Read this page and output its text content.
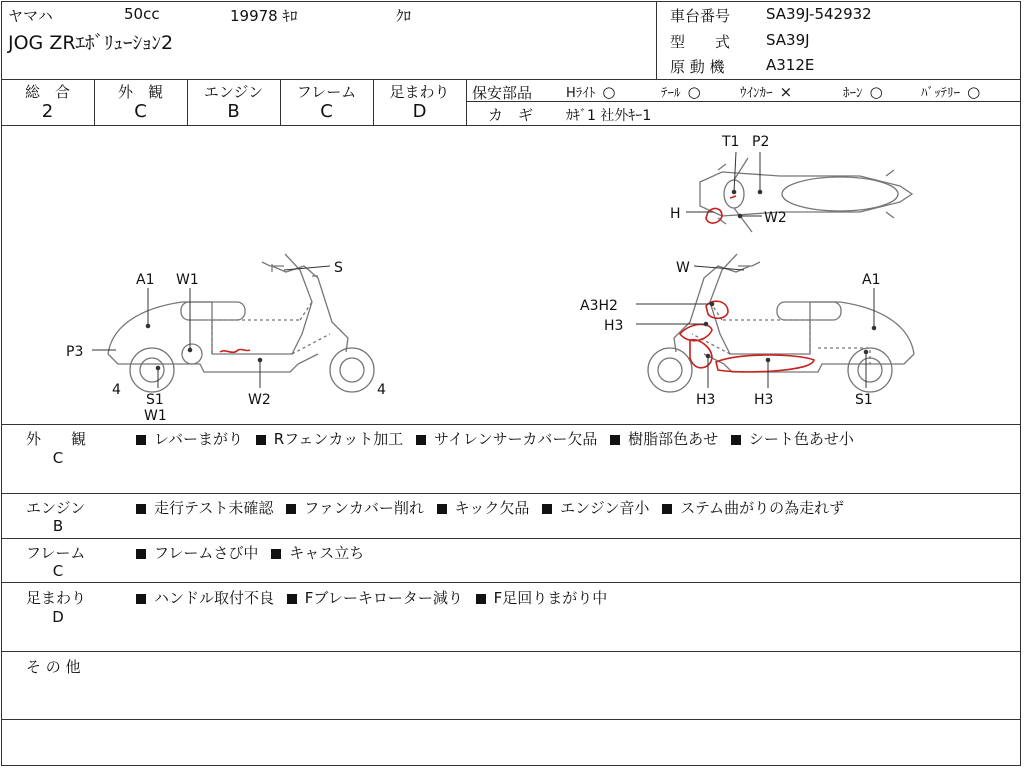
ヤマハ	50cc	19978 ｷﾛ	ｸﾛ
JOG ZRｴﾎﾞﾘｭｰｼｮﾝ2
車台番号 SA39J-542932
型　　式 SA39J
原 動 機	A312E
総　合
2
外　観
C
エンジン
B
フレーム
C
足まわり
D
保安部品	Hﾗｲﾄ ○	ﾃｰﾙ ○	ｳｲﾝｶｰ ×	ﾎｰﾝ ○	ﾊﾞｯﾃﾘｰ ○
カ　ギ ｶｷﾞ1 社外ｷｰ1
S
A1 W1
P3
4
S1
W1
W2
4
W
A1
A3H2
H3
H3	H3	S1
T1 P2
H	W2
外　　観
C
レバーまがり Rフェンカット加工 サイレンサーカバー欠品 樹脂部色あせ シート色あせ小
エンジン
B
走行テスト未確認 ファンカバー削れ キック欠品 エンジン音小 ステム曲がりの為走れず
フレーム
C
フレームさび中 キャス立ち
足まわり
D
ハンドル取付不良 Fブレーキローター減り F足回りまがり中
そ の 他
